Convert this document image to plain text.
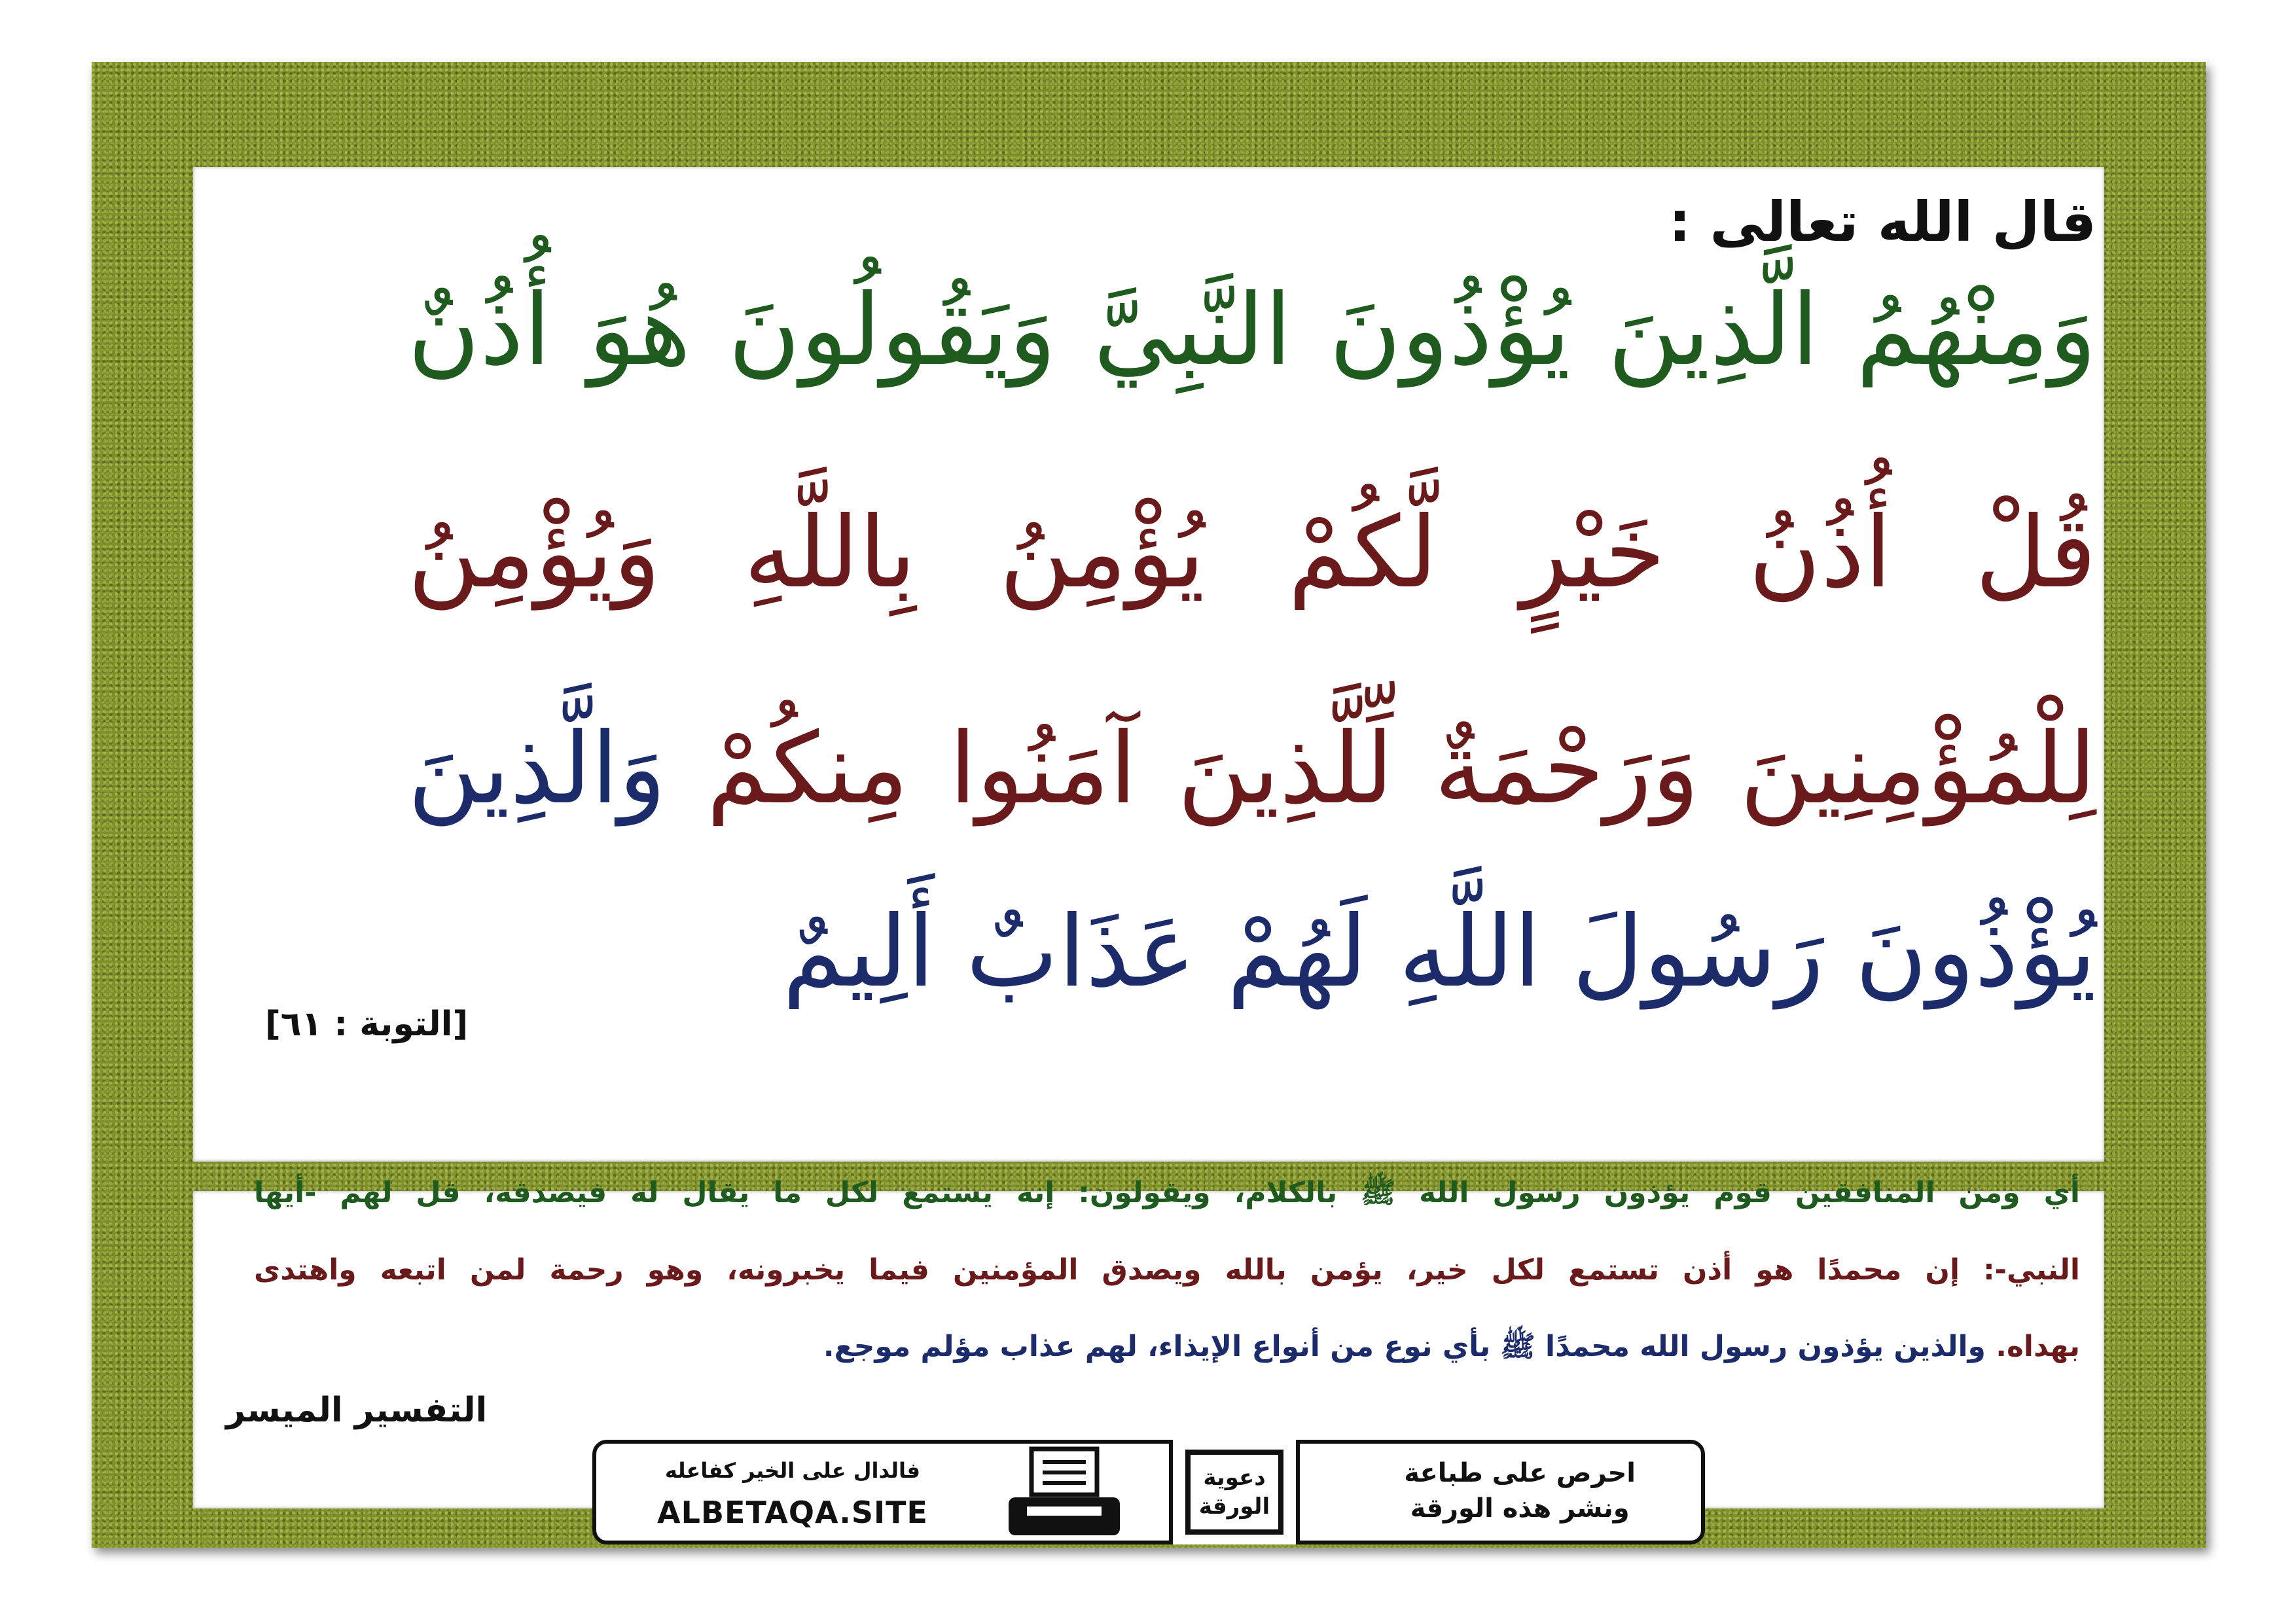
قال الله تعالى :
وَمِنْهُمُ الَّذِينَ يُؤْذُونَ النَّبِيَّ وَيَقُولُونَ هُوَ أُذُنٌ
قُلْ أُذُنُ خَيْرٍ لَّكُمْ يُؤْمِنُ بِاللَّهِ وَيُؤْمِنُ
لِلْمُؤْمِنِينَ وَرَحْمَةٌ لِّلَّذِينَ آمَنُوا مِنكُمْ وَالَّذِينَ
يُؤْذُونَ رَسُولَ اللَّهِ لَهُمْ عَذَابٌ أَلِيمٌ
[التوبة : ٦١]
أي ومن المنافقين قوم يؤذون رسول الله ﷺ بالكلام، ويقولون: إنه يستمع لكل ما يقال له فيصدقه، قل لهم -أيها
النبي-: إن محمدًا هو أذن تستمع لكل خير، يؤمن بالله ويصدق المؤمنين فيما يخبرونه، وهو رحمة لمن اتبعه واهتدى
بهداه. والذين يؤذون رسول الله محمدًا ﷺ بأي نوع من أنواع الإيذاء، لهم عذاب مؤلم موجع.
التفسير الميسر
احرص على طباعة
ونشر هذه الورقة
دعوية
الورقة
فالدال على الخير كفاعله
ALBETAQA.SITE
